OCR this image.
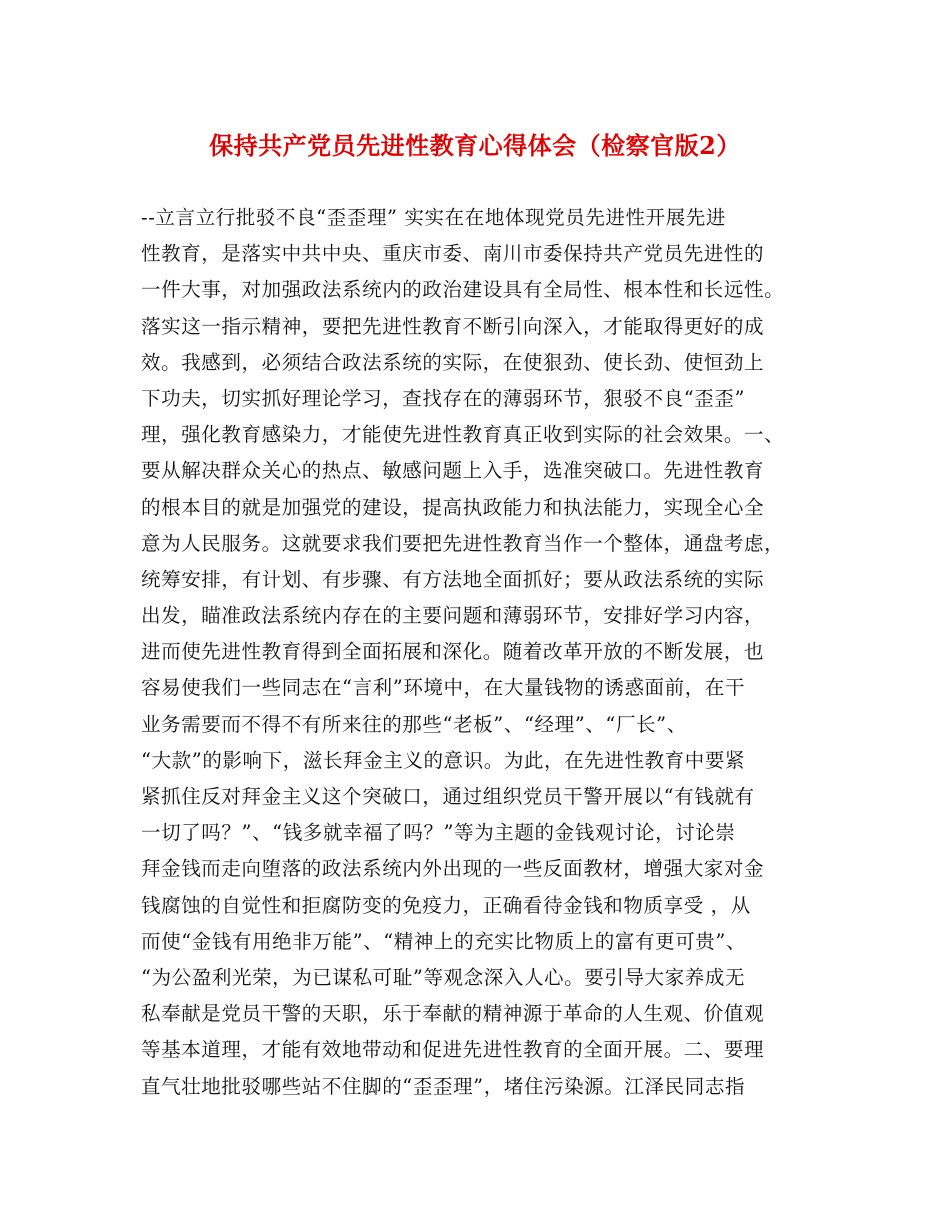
保持共产党员先进性教育心得体会（检察官版2）
--立言立行批驳不良“歪歪理” 实实在在地体现党员先进性开展先进
性教育，是落实中共中央、重庆市委、南川市委保持共产党员先进性的
一件大事，对加强政法系统内的政治建设具有全局性、根本性和长远性。
落实这一指示精神，要把先进性教育不断引向深入，才能取得更好的成
效。我感到，必须结合政法系统的实际，在使狠劲、使长劲、使恒劲上
下功夫，切实抓好理论学习，查找存在的薄弱环节，狠驳不良“歪歪”
理，强化教育感染力，才能使先进性教育真正收到实际的社会效果。一、
要从解决群众关心的热点、敏感问题上入手，选准突破口。先进性教育
的根本目的就是加强党的建设，提高执政能力和执法能力，实现全心全
意为人民服务。这就要求我们要把先进性教育当作一个整体，通盘考虑，
统筹安排，有计划、有步骤、有方法地全面抓好；要从政法系统的实际
出发，瞄准政法系统内存在的主要问题和薄弱环节，安排好学习内容，
进而使先进性教育得到全面拓展和深化。随着改革开放的不断发展，也
容易使我们一些同志在“言利”环境中，在大量钱物的诱惑面前，在干
业务需要而不得不有所来往的那些“老板”、“经理”、“厂长”、
“大款”的影响下，滋长拜金主义的意识。为此，在先进性教育中要紧
紧抓住反对拜金主义这个突破口，通过组织党员干警开展以“有钱就有
一切了吗？”、“钱多就幸福了吗？”等为主题的金钱观讨论，讨论崇
拜金钱而走向堕落的政法系统内外出现的一些反面教材，增强大家对金
钱腐蚀的自觉性和拒腐防变的免疫力，正确看待金钱和物质享受 ，从
而使“金钱有用绝非万能”、“精神上的充实比物质上的富有更可贵”、
“为公盈利光荣，为已谋私可耻”等观念深入人心。要引导大家养成无
私奉献是党员干警的天职，乐于奉献的精神源于革命的人生观、价值观
等基本道理，才能有效地带动和促进先进性教育的全面开展。二、要理
直气壮地批驳哪些站不住脚的“歪歪理”，堵住污染源。江泽民同志指
